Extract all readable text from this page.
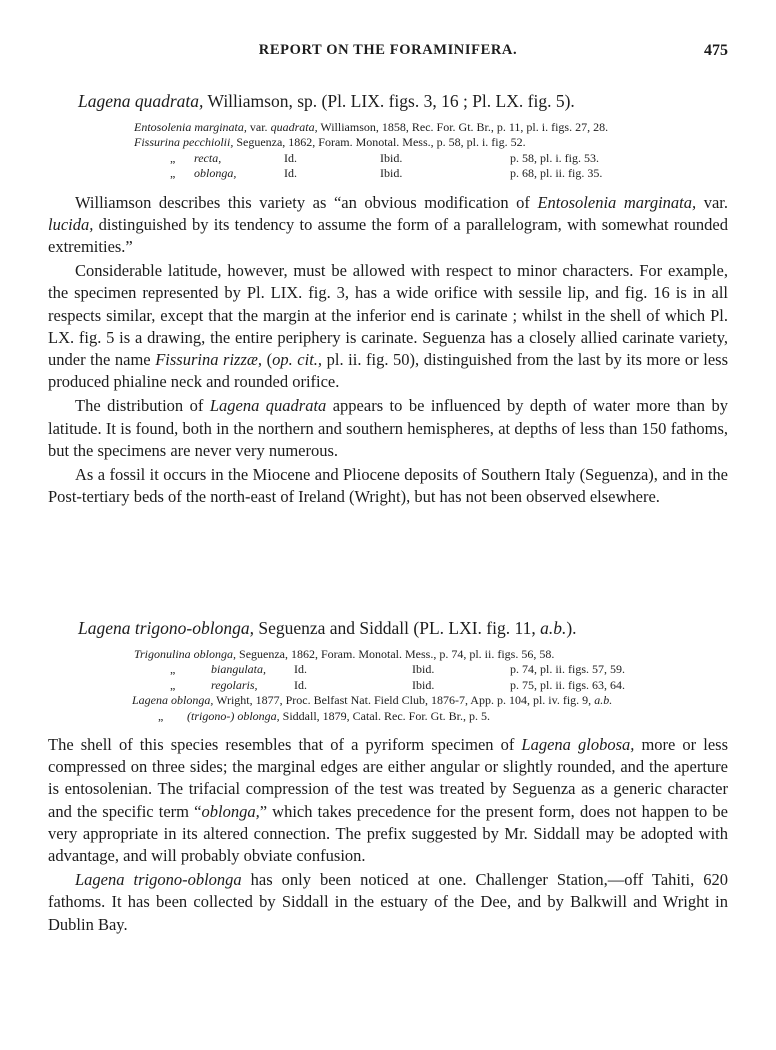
REPORT ON THE FORAMINIFERA.	475
Lagena quadrata, Williamson, sp. (Pl. LIX. figs. 3, 16 ; Pl. LX. fig. 5).
Entosolenia marginata, var. quadrata, Williamson, 1858, Rec. For. Gt. Br., p. 11, pl. i. figs. 27, 28.
Fissurina pecchiolii, Seguenza, 1862, Foram. Monotal. Mess., p. 58, pl. i. fig. 52.
„ recta,	Id.	Ibid.	p. 58, pl. i. fig. 53.
„ oblonga,	Id.	Ibid.	p. 68, pl. ii. fig. 35.

Williamson describes this variety as “an obvious modification of Entosolenia marginata, var. lucida, distinguished by its tendency to assume the form of a parallelogram, with somewhat rounded extremities.”

Considerable latitude, however, must be allowed with respect to minor characters. For example, the specimen represented by Pl. LIX. fig. 3, has a wide orifice with sessile lip, and fig. 16 is in all respects similar, except that the margin at the inferior end is carinate ; whilst in the shell of which Pl. LX. fig. 5 is a drawing, the entire periphery is carinate. Seguenza has a closely allied carinate variety, under the name Fissurina rizzæ, (op. cit., pl. ii. fig. 50), distinguished from the last by its more or less produced phialine neck and rounded orifice.

The distribution of Lagena quadrata appears to be influenced by depth of water more than by latitude. It is found, both in the northern and southern hemispheres, at depths of less than 150 fathoms, but the specimens are never very numerous.

As a fossil it occurs in the Miocene and Pliocene deposits of Southern Italy (Seguenza), and in the Post-tertiary beds of the north-east of Ireland (Wright), but has not been observed elsewhere.

Lagena trigono-oblonga, Seguenza and Siddall (PL. LXI. fig. 11, a.b.).
Trigonulina oblonga, Seguenza, 1862, Foram. Monotal. Mess., p. 74, pl. ii. figs. 56, 58.
„	biangulata, Id.	Ibid.	p. 74, pl. ii. figs. 57, 59.
„	regolaris,	Id.	Ibid.	p. 75, pl. ii. figs. 63, 64.
Lagena oblonga, Wright, 1877, Proc. Belfast Nat. Field Club, 1876-7, App. p. 104, pl. iv. fig. 9, a.b.
„ (trigono-) oblonga, Siddall, 1879, Catal. Rec. For. Gt. Br., p. 5.

The shell of this species resembles that of a pyriform specimen of Lagena globosa, more or less compressed on three sides; the marginal edges are either angular or slightly rounded, and the aperture is entosolenian. The trifacial compression of the test was treated by Seguenza as a generic character and the specific term “oblonga,” which takes precedence for the present form, does not happen to be very appropriate in its altered connection. The prefix suggested by Mr. Siddall may be adopted with advantage, and will probably obviate confusion.

Lagena trigono-oblonga has only been noticed at one. Challenger Station,—off Tahiti, 620 fathoms. It has been collected by Siddall in the estuary of the Dee, and by Balkwill and Wright in Dublin Bay.
